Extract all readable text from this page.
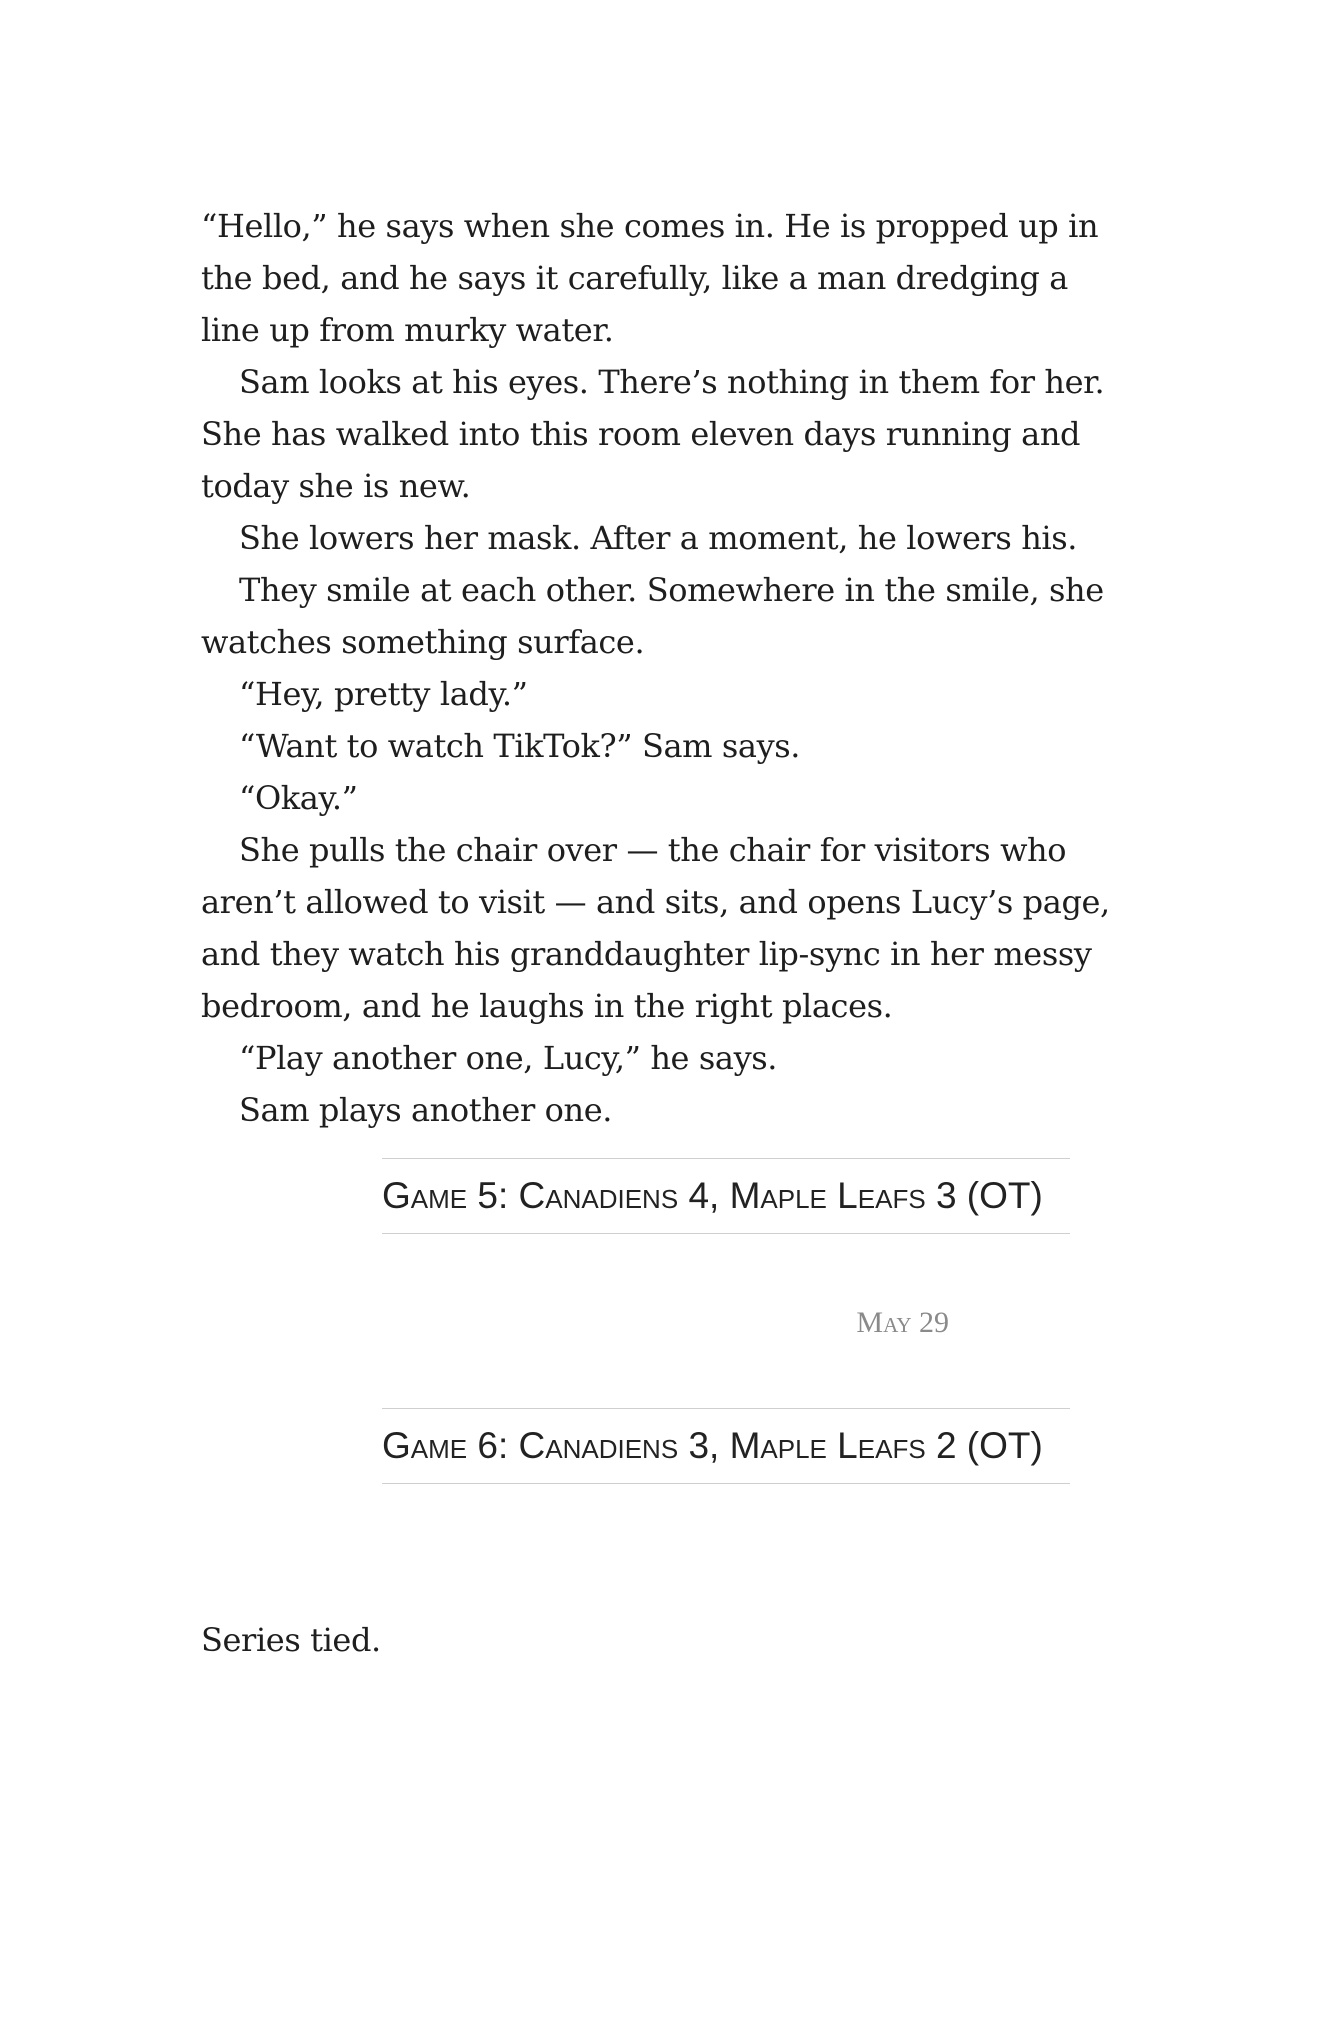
“Hello,” he says when she comes in. He is propped up in the bed, and he says it carefully, like a man dredging a line up from murky water.

Sam looks at his eyes. There’s nothing in them for her. She has walked into this room eleven days running and today she is new.

She lowers her mask. After a moment, he lowers his.

They smile at each other. Somewhere in the smile, she watches something surface.

“Hey, pretty lady.”

“Want to watch TikTok?” Sam says.

“Okay.”

She pulls the chair over — the chair for visitors who aren’t allowed to visit — and sits, and opens Lucy’s page, and they watch his granddaughter lip-sync in her messy bedroom, and he laughs in the right places.

“Play another one, Lucy,” he says.

Sam plays another one.

Game 5: Canadiens 4, Maple Leafs 3 (OT)
May 29
Game 6: Canadiens 3, Maple Leafs 2 (OT)

Series tied.
